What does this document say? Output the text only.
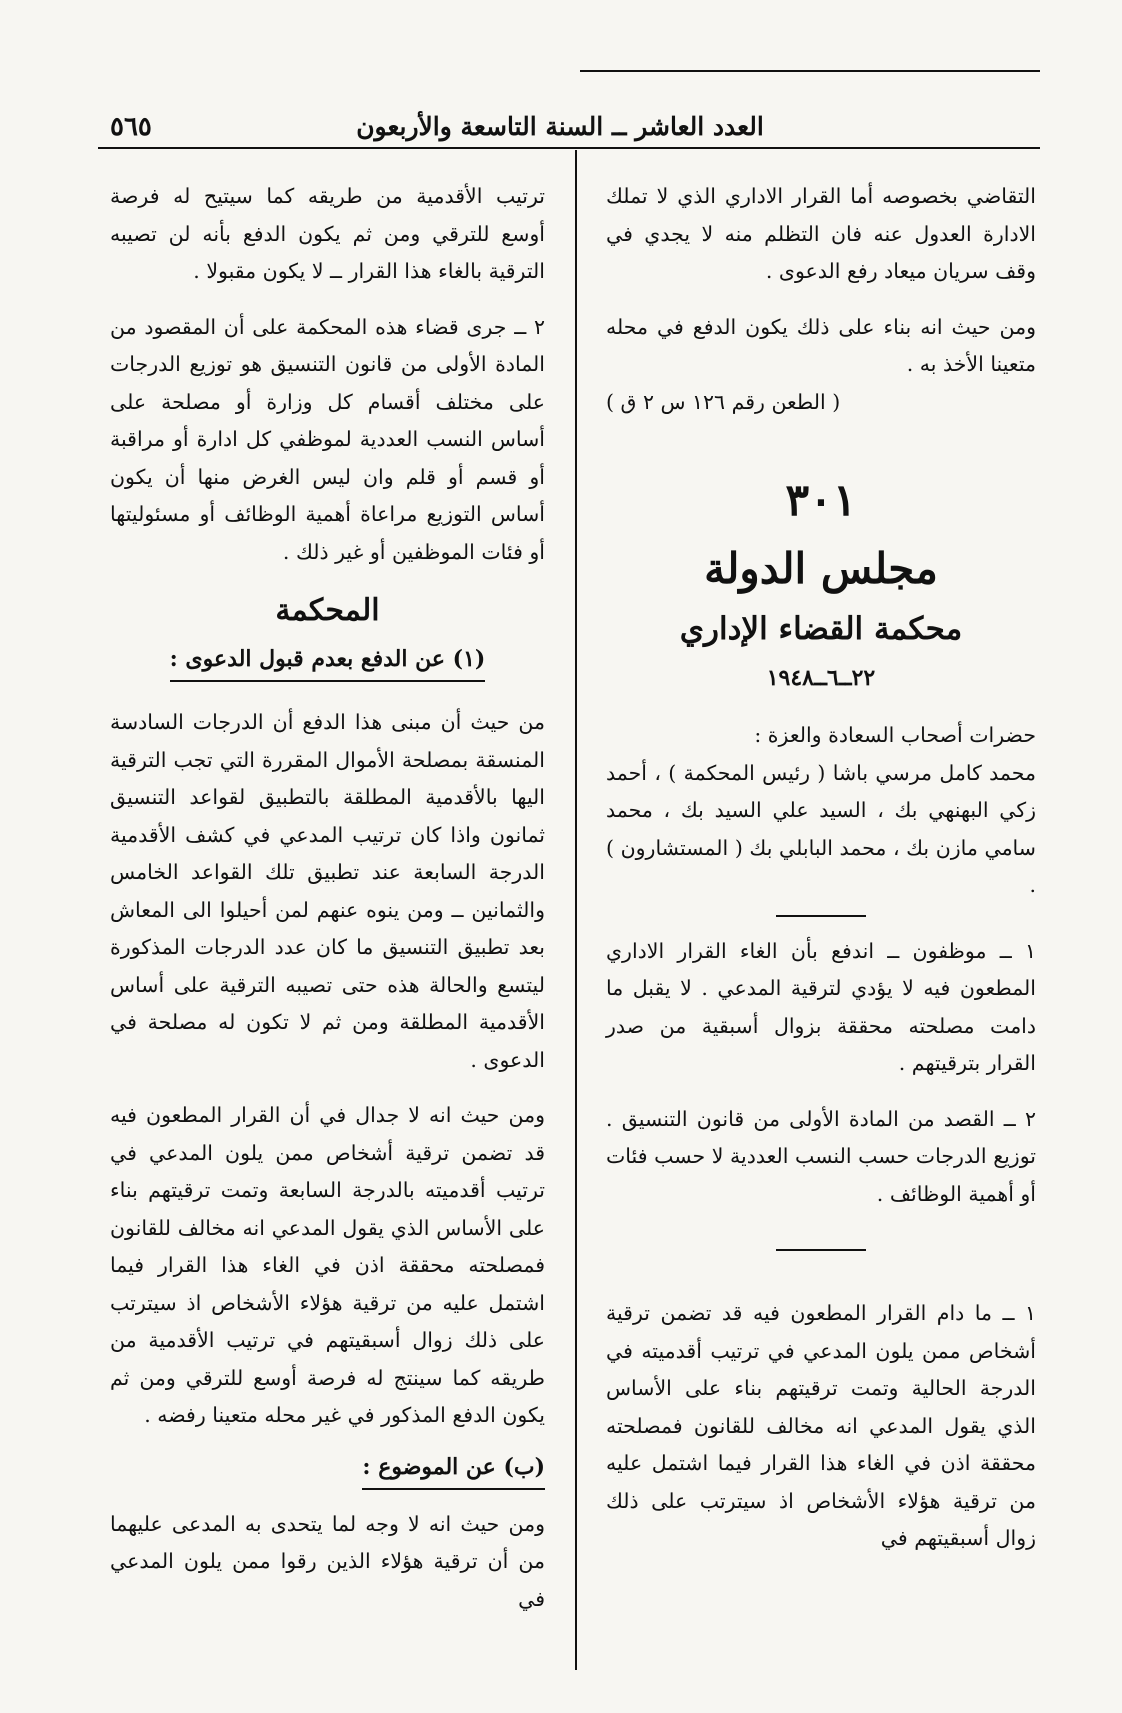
العدد العاشر ــ السنة التاسعة والأربعون
٥٦٥

ترتيب الأقدمية من طريقه كما سيتيح له فرصة أوسع للترقي ومن ثم يكون الدفع بأنه لن تصيبه الترقية بالغاء هذا القرار ــ لا يكون مقبولا .

٢ ــ جرى قضاء هذه المحكمة على أن المقصود من المادة الأولى من قانون التنسيق هو توزيع الدرجات على مختلف أقسام كل وزارة أو مصلحة على أساس النسب العددية لموظفي كل ادارة أو مراقبة أو قسم أو قلم وان ليس الغرض منها أن يكون أساس التوزيع مراعاة أهمية الوظائف أو مسئوليتها أو فئات الموظفين أو غير ذلك .

المحكمة
(١) عن الدفع بعدم قبول الدعوى :

من حيث أن مبنى هذا الدفع أن الدرجات السادسة المنسقة بمصلحة الأموال المقررة التي تجب الترقية اليها بالأقدمية المطلقة بالتطبيق لقواعد التنسيق ثمانون واذا كان ترتيب المدعي في كشف الأقدمية الدرجة السابعة عند تطبيق تلك القواعد الخامس والثمانين ــ ومن ينوه عنهم لمن أحيلوا الى المعاش بعد تطبيق التنسيق ما كان عدد الدرجات المذكورة ليتسع والحالة هذه حتى تصيبه الترقية على أساس الأقدمية المطلقة ومن ثم لا تكون له مصلحة في الدعوى .

ومن حيث انه لا جدال في أن القرار المطعون فيه قد تضمن ترقية أشخاص ممن يلون المدعي في ترتيب أقدميته بالدرجة السابعة وتمت ترقيتهم بناء على الأساس الذي يقول المدعي انه مخالف للقانون فمصلحته محققة اذن في الغاء هذا القرار فيما اشتمل عليه من ترقية هؤلاء الأشخاص اذ سيترتب على ذلك زوال أسبقيتهم في ترتيب الأقدمية من طريقه كما سينتج له فرصة أوسع للترقي ومن ثم يكون الدفع المذكور في غير محله متعينا رفضه .

(ب) عن الموضوع :

ومن حيث انه لا وجه لما يتحدى به المدعى عليهما من أن ترقية هؤلاء الذين رقوا ممن يلون المدعي في

التقاضي بخصوصه أما القرار الاداري الذي لا تملك الادارة العدول عنه فان التظلم منه لا يجدي في وقف سريان ميعاد رفع الدعوى .

ومن حيث انه بناء على ذلك يكون الدفع في محله متعينا الأخذ به .

( الطعن رقم ١٢٦ س ٢ ق )

٣٠١
مجلس الدولة
محكمة القضاء الإداري
٢٢ــ٦ــ١٩٤٨

حضرات أصحاب السعادة والعزة :

محمد كامل مرسي باشا ( رئيس المحكمة ) ، أحمد زكي البهنهي بك ، السيد علي السيد بك ، محمد سامي مازن بك ، محمد البابلي بك ( المستشارون ) .

١ ــ موظفون ــ اندفع بأن الغاء القرار الاداري المطعون فيه لا يؤدي لترقية المدعي . لا يقبل ما دامت مصلحته محققة بزوال أسبقية من صدر القرار بترقيتهم .

٢ ــ القصد من المادة الأولى من قانون التنسيق . توزيع الدرجات حسب النسب العددية لا حسب فئات أو أهمية الوظائف .

١ ــ ما دام القرار المطعون فيه قد تضمن ترقية أشخاص ممن يلون المدعي في ترتيب أقدميته في الدرجة الحالية وتمت ترقيتهم بناء على الأساس الذي يقول المدعي انه مخالف للقانون فمصلحته محققة اذن في الغاء هذا القرار فيما اشتمل عليه من ترقية هؤلاء الأشخاص اذ سيترتب على ذلك زوال أسبقيتهم في
